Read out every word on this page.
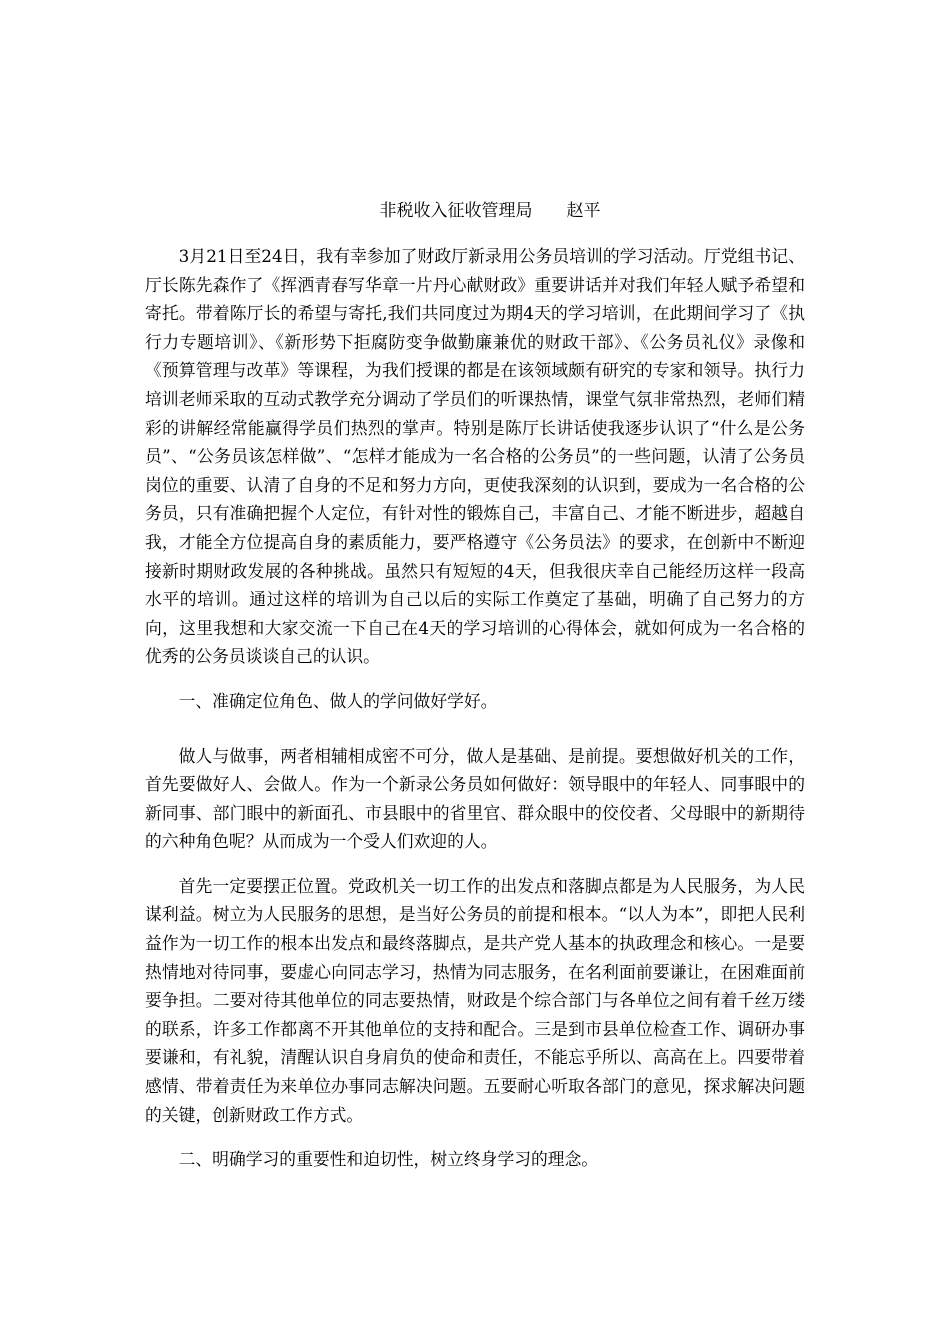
非税收入征收管理局　　赵平

3月21日至24日，我有幸参加了财政厅新录用公务员培训的学习活动。厅党组书记、厅长陈先森作了《挥洒青春写华章一片丹心献财政》重要讲话并对我们年轻人赋予希望和寄托。带着陈厅长的希望与寄托,我们共同度过为期4天的学习培训，在此期间学习了《执行力专题培训》、《新形势下拒腐防变争做勤廉兼优的财政干部》、《公务员礼仪》录像和《预算管理与改革》等课程，为我们授课的都是在该领域颇有研究的专家和领导。执行力培训老师采取的互动式教学充分调动了学员们的听课热情，课堂气氛非常热烈，老师们精彩的讲解经常能赢得学员们热烈的掌声。特别是陈厅长讲话使我逐步认识了“什么是公务员”、“公务员该怎样做”、“怎样才能成为一名合格的公务员”的一些问题，认清了公务员岗位的重要、认清了自身的不足和努力方向，更使我深刻的认识到，要成为一名合格的公务员，只有准确把握个人定位，有针对性的锻炼自己，丰富自己、才能不断进步，超越自我，才能全方位提高自身的素质能力，要严格遵守《公务员法》的要求，在创新中不断迎接新时期财政发展的各种挑战。虽然只有短短的4天，但我很庆幸自己能经历这样一段高水平的培训。通过这样的培训为自己以后的实际工作奠定了基础，明确了自己努力的方向，这里我想和大家交流一下自己在4天的学习培训的心得体会，就如何成为一名合格的优秀的公务员谈谈自己的认识。

一、准确定位角色、做人的学问做好学好。

做人与做事，两者相辅相成密不可分，做人是基础、是前提。要想做好机关的工作，首先要做好人、会做人。作为一个新录公务员如何做好：领导眼中的年轻人、同事眼中的新同事、部门眼中的新面孔、市县眼中的省里官、群众眼中的佼佼者、父母眼中的新期待的六种角色呢？从而成为一个受人们欢迎的人。

首先一定要摆正位置。党政机关一切工作的出发点和落脚点都是为人民服务，为人民谋利益。树立为人民服务的思想，是当好公务员的前提和根本。“以人为本”，即把人民利益作为一切工作的根本出发点和最终落脚点，是共产党人基本的执政理念和核心。一是要热情地对待同事，要虚心向同志学习，热情为同志服务，在名利面前要谦让，在困难面前要争担。二要对待其他单位的同志要热情，财政是个综合部门与各单位之间有着千丝万缕的联系，许多工作都离不开其他单位的支持和配合。三是到市县单位检查工作、调研办事要谦和，有礼貌，清醒认识自身肩负的使命和责任，不能忘乎所以、高高在上。四要带着感情、带着责任为来单位办事同志解决问题。五要耐心听取各部门的意见，探求解决问题的关键，创新财政工作方式。

二、明确学习的重要性和迫切性，树立终身学习的理念。
